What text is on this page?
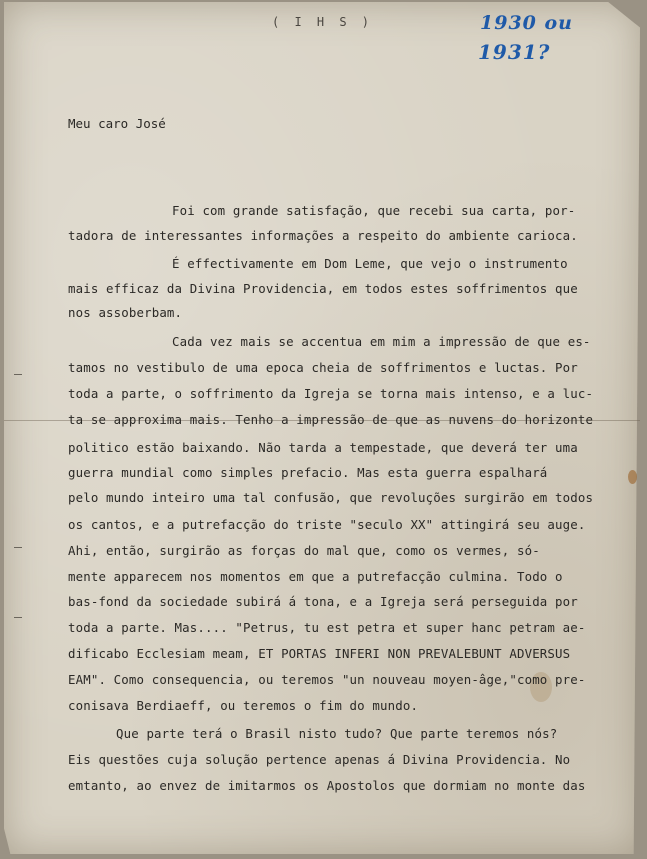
( I H S )	1930 ou
1931?
Meu caro José
Foi com grande satisfação, que recebi sua carta, por-
tadora de interessantes informações a respeito do ambiente carioca.
É effectivamente em Dom Leme, que vejo o instrumento
mais efficaz da Divina Providencia, em todos estes soffrimentos que
nos assoberbam.
Cada vez mais se accentua em mim a impressão de que es-
tamos no vestibulo de uma epoca cheia de soffrimentos e luctas. Por
toda a parte, o soffrimento da Igreja se torna mais intenso, e a luc-
ta se approxima mais. Tenho a impressão de que as nuvens do horizonte
politico estão baixando. Não tarda a tempestade, que deverá ter uma
guerra mundial como simples prefacio. Mas esta guerra espalhará
pelo mundo inteiro uma tal confusão, que revoluções surgirão em todos
os cantos, e a putrefacção do triste "seculo XX" attingirá seu auge.
Ahi, então, surgirão as forças do mal que, como os vermes, só-
mente apparecem nos momentos em que a putrefacção culmina. Todo o
bas-fond da sociedade subirá á tona, e a Igreja será perseguida por
toda a parte. Mas.... "Petrus, tu est petra et super hanc petram ae-
dificabo Ecclesiam meam, ET PORTAS INFERI NON PREVALEBUNT ADVERSUS
EAM". Como consequencia, ou teremos "un nouveau moyen-âge,"como pre-
conisava Berdiaeff, ou teremos o fim do mundo.
Que parte terá o Brasil nisto tudo? Que parte teremos nós?
Eis questões cuja solução pertence apenas á Divina Providencia. No
emtanto, ao envez de imitarmos os Apostolos que dormiam no monte das
